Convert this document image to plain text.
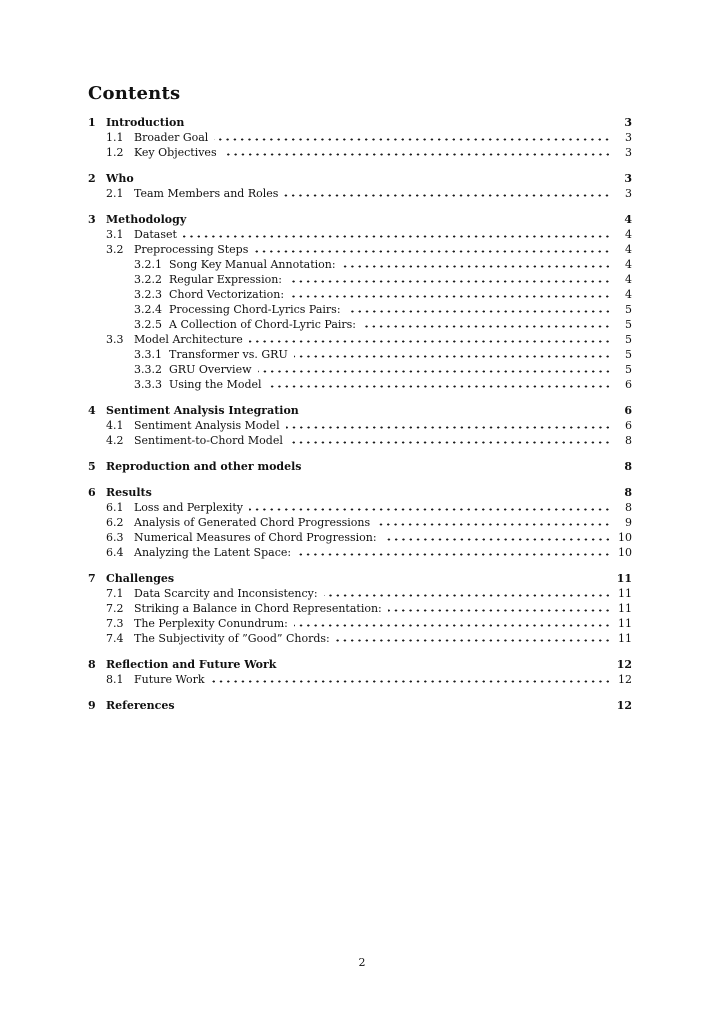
Contents
1 Introduction	3
1.1 Broader Goal	3
1.2 Key Objectives	3
2 Who	3
2.1 Team Members and Roles	3
3 Methodology	4
3.1 Dataset	4
3.2 Preprocessing Steps	4
3.2.1 Song Key Manual Annotation:	4
3.2.2 Regular Expression:	4
3.2.3 Chord Vectorization:	4
3.2.4 Processing Chord-Lyrics Pairs:	5
3.2.5 A Collection of Chord-Lyric Pairs:	5
3.3 Model Architecture	5
3.3.1 Transformer vs. GRU	5
3.3.2 GRU Overview	5
3.3.3 Using the Model	6
4 Sentiment Analysis Integration	6
4.1 Sentiment Analysis Model	6
4.2 Sentiment-to-Chord Model	8
5 Reproduction and other models	8
6 Results	8
6.1 Loss and Perplexity	8
6.2 Analysis of Generated Chord Progressions	9
6.3 Numerical Measures of Chord Progression:	10
6.4 Analyzing the Latent Space:	10
7 Challenges	11
7.1 Data Scarcity and Inconsistency:	11
7.2 Striking a Balance in Chord Representation:	11
7.3 The Perplexity Conundrum:	11
7.4 The Subjectivity of ”Good” Chords:	11
8 Reflection and Future Work	12
8.1 Future Work	12
9 References	12
2
